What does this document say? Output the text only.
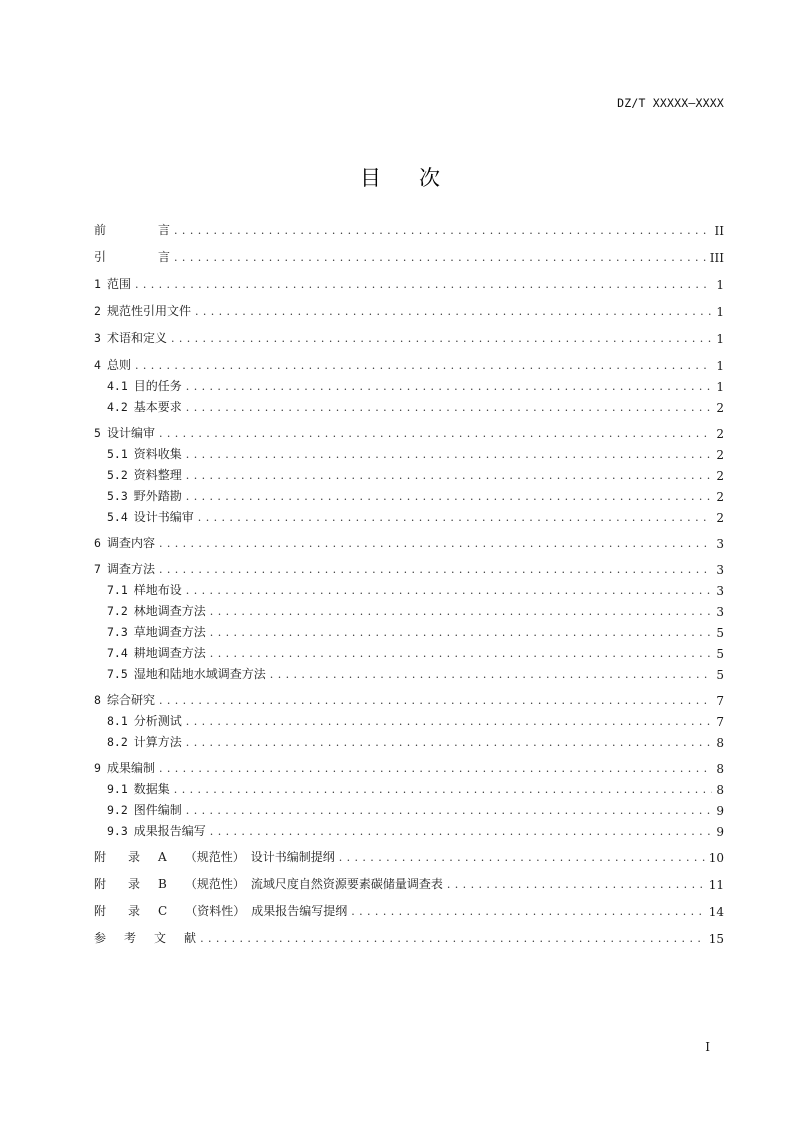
DZ/T XXXXX—XXXX
目 次
前	言 . . .	II
引	言 . . .	III
1 范围 . . .	1
2 规范性引用文件 . . .	1
3 术语和定义 . . .	1
4 总则 . . .	1
4.1 目的任务 . . .	1
4.2 基本要求 . . .	2
5 设计编审 . . .	2
5.1 资料收集 . . .	2
5.2 资料整理 . . .	2
5.3 野外踏勘 . . .	2
5.4 设计书编审 . . .	2
6 调查内容 . . .	3
7 调查方法 . . .	3
7.1 样地布设 . . .	3
7.2 林地调查方法 . . .	3
7.3 草地调查方法 . . .	5
7.4 耕地调查方法 . . .	5
7.5 湿地和陆地水域调查方法 . . .	5
8 综合研究 . . .	7
8.1 分析测试 . . .	7
8.2 计算方法 . . .	8
9 成果编制 . . .	8
9.1 数据集 . . .	8
9.2 图件编制 . . .	9
9.3 成果报告编写 . . .	9
附 录 A （规范性） 设计书编制提纲 . . .	10
附 录 B （规范性） 流域尺度自然资源要素碳储量调查表 . . .	11
附 录 C （资料性） 成果报告编写提纲 . . .	14
参 考 文 献 . . .	15
I
